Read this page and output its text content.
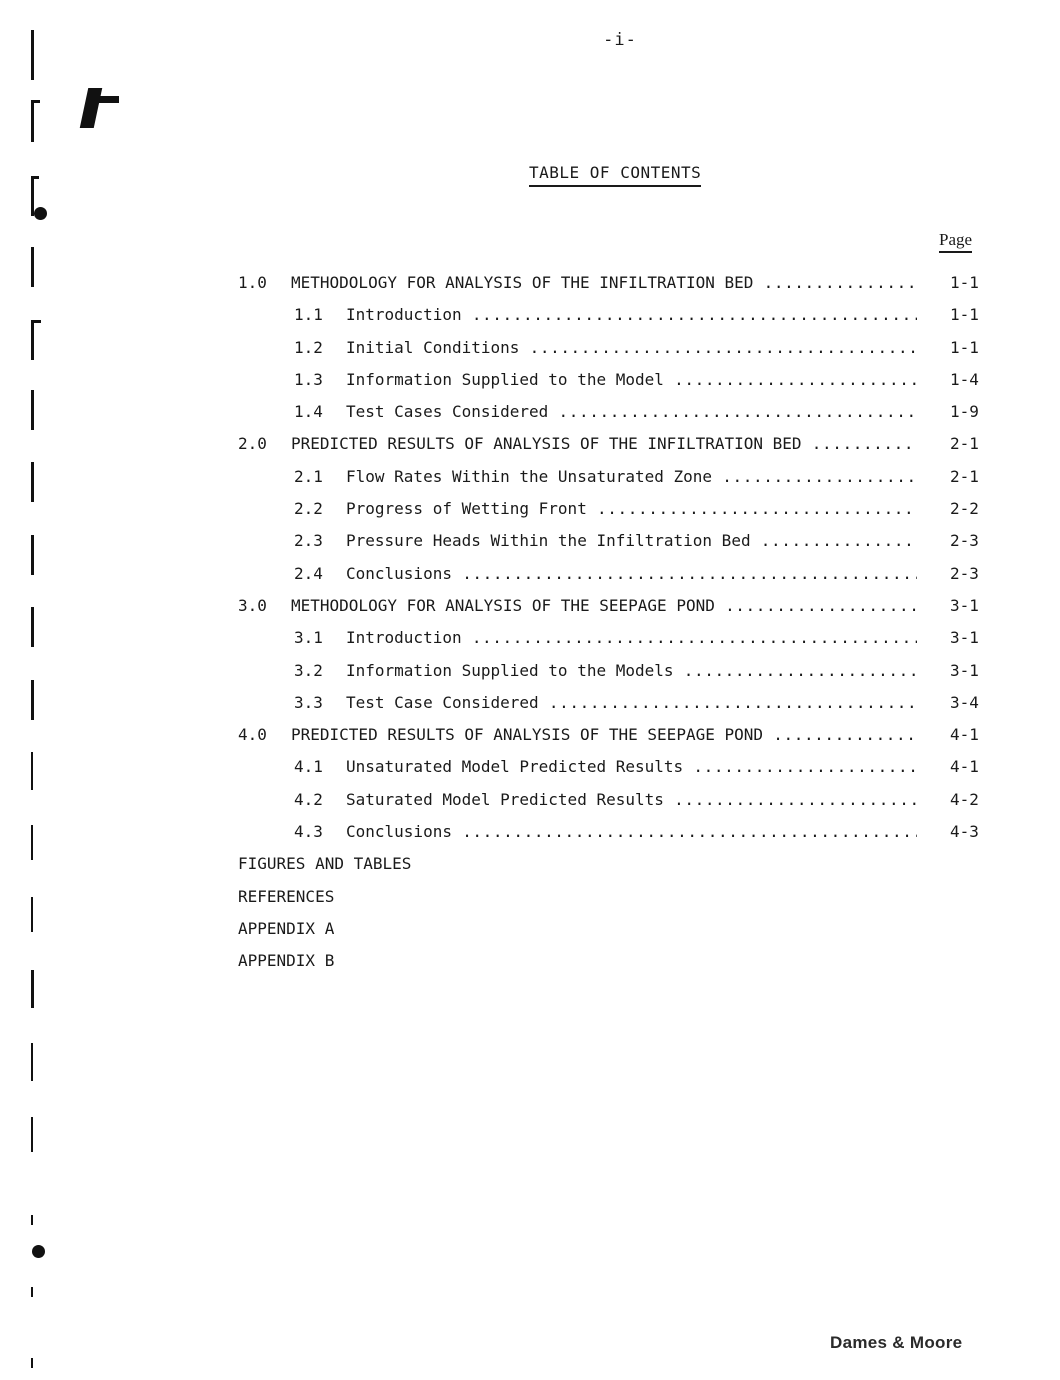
-i-
TABLE OF CONTENTS
Page
1.0 METHODOLOGY FOR ANALYSIS OF THE INFILTRATION BED .....	1-1
1.1 Introduction .....	1-1
1.2 Initial Conditions .....	1-1
1.3 Information Supplied to the Model .....	1-4
1.4 Test Cases Considered .....	1-9
2.0 PREDICTED RESULTS OF ANALYSIS OF THE INFILTRATION BED .....	2-1
2.1 Flow Rates Within the Unsaturated Zone .....	2-1
2.2 Progress of Wetting Front .....	2-2
2.3 Pressure Heads Within the Infiltration Bed .....	2-3
2.4 Conclusions .....	2-3
3.0 METHODOLOGY FOR ANALYSIS OF THE SEEPAGE POND .....	3-1
3.1 Introduction .....	3-1
3.2 Information Supplied to the Models .....	3-1
3.3 Test Case Considered .....	3-4
4.0 PREDICTED RESULTS OF ANALYSIS OF THE SEEPAGE POND .....	4-1
4.1 Unsaturated Model Predicted Results .....	4-1
4.2 Saturated Model Predicted Results .....	4-2
4.3 Conclusions .....	4-3
FIGURES AND TABLES
REFERENCES
APPENDIX A
APPENDIX B
Dames & Moore
